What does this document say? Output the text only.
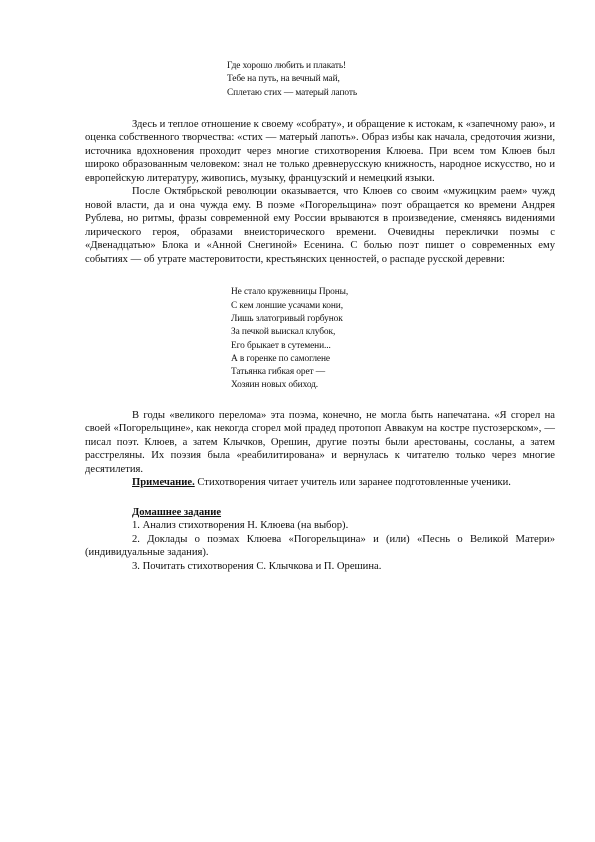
Где хорошо любить и плакать!
Тебе на путь, на вечный май,
Сплетаю стих — матерый лапоть

Здесь и теплое отношение к своему «собрату», и обращение к истокам, к «запечному раю», и оценка собственного творчества: «стих — матерый лапоть». Образ избы как начала, средоточия жизни, источника вдохновения проходит через многие стихотворения Клюева. При всем том Клюев был широко образованным человеком: знал не только древнерусскую книжность, народное искусство, но и европейскую литературу, живопись, музыку, французский и немецкий языки.

После Октябрьской революции оказывается, что Клюев со своим «мужицким раем» чужд новой власти, да и она чужда ему. В поэме «Погорельщина» поэт обращается ко времени Андрея Рублева, но ритмы, фразы современной ему России врываются в произведение, сменяясь видениями лирического героя, образами внеисторического времени. Очевидны переклички поэмы с «Двенадцатью» Блока и «Анной Снегиной» Есенина. С болью поэт пишет о современных ему событиях — об утрате мастеровитости, крестьянских ценностей, о распаде русской деревни:

Не стало кружевницы Проны,
С кем лоншие усачами кони,
Лишь златогривый горбунок
За печкой выискал клубок,
Его брыкает в сутемени...
А в горенке по самоглене
Татьянка гибкая орет —
Хозяин новых обиход.

В годы «великого перелома» эта поэма, конечно, не могла быть напечатана. «Я сгорел на своей «Погорельщине», как некогда сгорел мой прадед протопоп Аввакум на костре пустозерском», — писал поэт. Клюев, а затем Клычков, Орешин, другие поэты были арестованы, сосланы, а затем расстреляны. Их поэзия была «реабилитирована» и вернулась к читателю только через многие десятилетия.

Примечание. Стихотворения читает учитель или заранее подготовленные ученики.

Домашнее задание
1. Анализ стихотворения Н. Клюева (на выбор).
2. Доклады о поэмах Клюева «Погорельщина» и (или) «Песнь о Великой Матери» (индивидуальные задания).
3. Почитать стихотворения С. Клычкова и П. Орешина.
